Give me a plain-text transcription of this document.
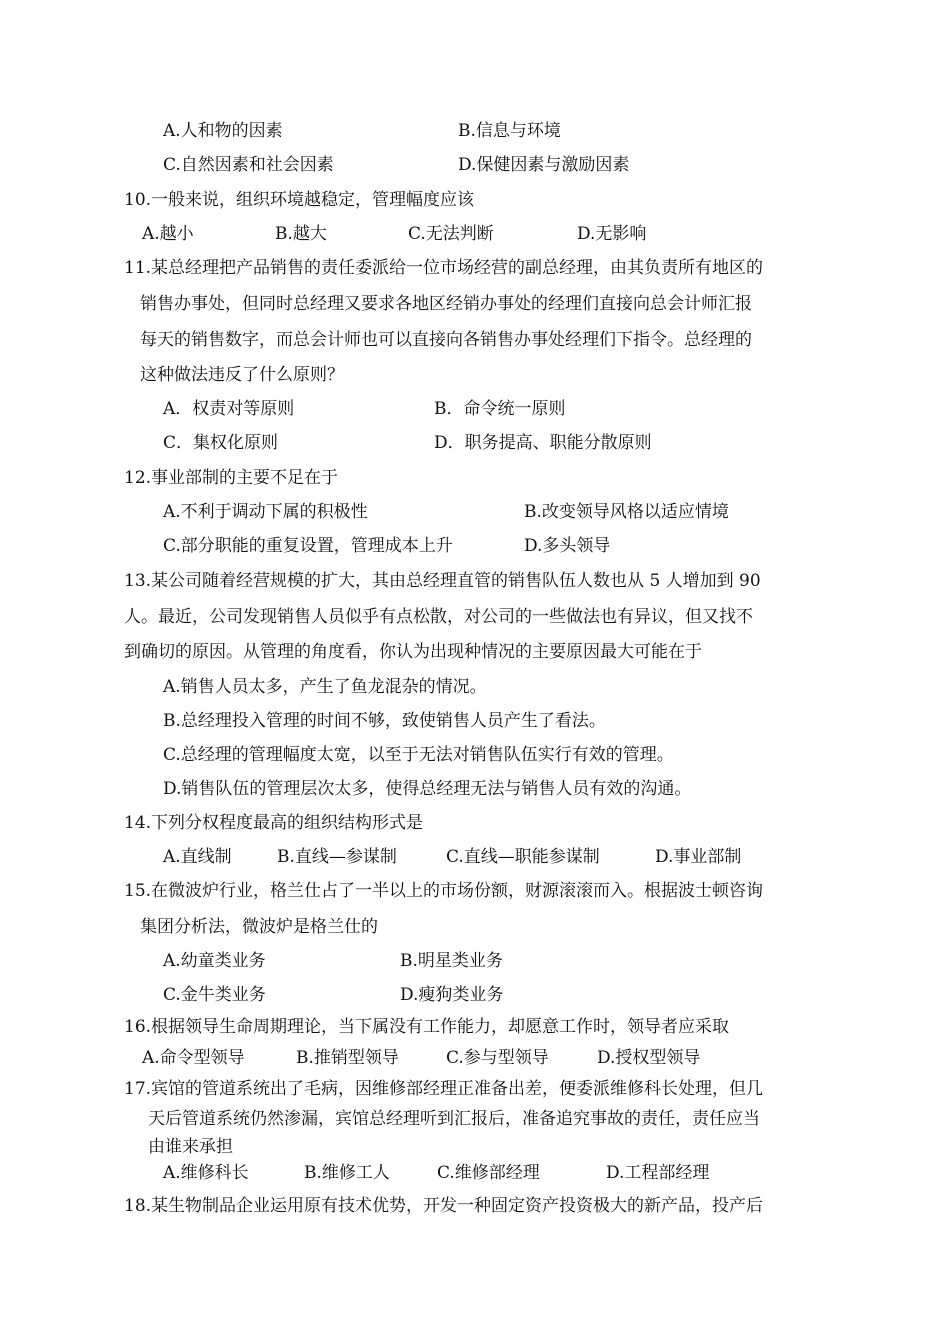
A.人和物的因素	B.信息与环境
C.自然因素和社会因素	D.保健因素与激励因素
10.一般来说，组织环境越稳定，管理幅度应该
A.越小	B.越大	C.无法判断	D.无影响
11.某总经理把产品销售的责任委派给一位市场经营的副总经理，由其负责所有地区的
销售办事处，但同时总经理又要求各地区经销办事处的经理们直接向总会计师汇报
每天的销售数字，而总会计师也可以直接向各销售办事处经理们下指令。总经理的
这种做法违反了什么原则？
A．权责对等原则	B．命令统一原则
C．集权化原则	D．职务提高、职能分散原则
12.事业部制的主要不足在于
A.不利于调动下属的积极性	B.改变领导风格以适应情境
C.部分职能的重复设置，管理成本上升	D.多头领导
13.某公司随着经营规模的扩大，其由总经理直管的销售队伍人数也从 5 人增加到 90
人。最近，公司发现销售人员似乎有点松散，对公司的一些做法也有异议，但又找不
到确切的原因。从管理的角度看，你认为出现种情况的主要原因最大可能在于
A.销售人员太多，产生了鱼龙混杂的情况。
B.总经理投入管理的时间不够，致使销售人员产生了看法。
C.总经理的管理幅度太宽，以至于无法对销售队伍实行有效的管理。
D.销售队伍的管理层次太多，使得总经理无法与销售人员有效的沟通。
14.下列分权程度最高的组织结构形式是
A.直线制	B.直线—参谋制	C.直线—职能参谋制	D.事业部制
15.在微波炉行业，格兰仕占了一半以上的市场份额，财源滚滚而入。根据波士顿咨询
集团分析法，微波炉是格兰仕的
A.幼童类业务	B.明星类业务
C.金牛类业务	D.瘦狗类业务
16.根据领导生命周期理论，当下属没有工作能力，却愿意工作时，领导者应采取
A.命令型领导	B.推销型领导	C.参与型领导	D.授权型领导
17.宾馆的管道系统出了毛病，因维修部经理正准备出差，便委派维修科长处理，但几
天后管道系统仍然渗漏，宾馆总经理听到汇报后，准备追究事故的责任，责任应当
由谁来承担
A.维修科长	B.维修工人	C.维修部经理	D.工程部经理
18.某生物制品企业运用原有技术优势，开发一种固定资产投资极大的新产品，投产后
